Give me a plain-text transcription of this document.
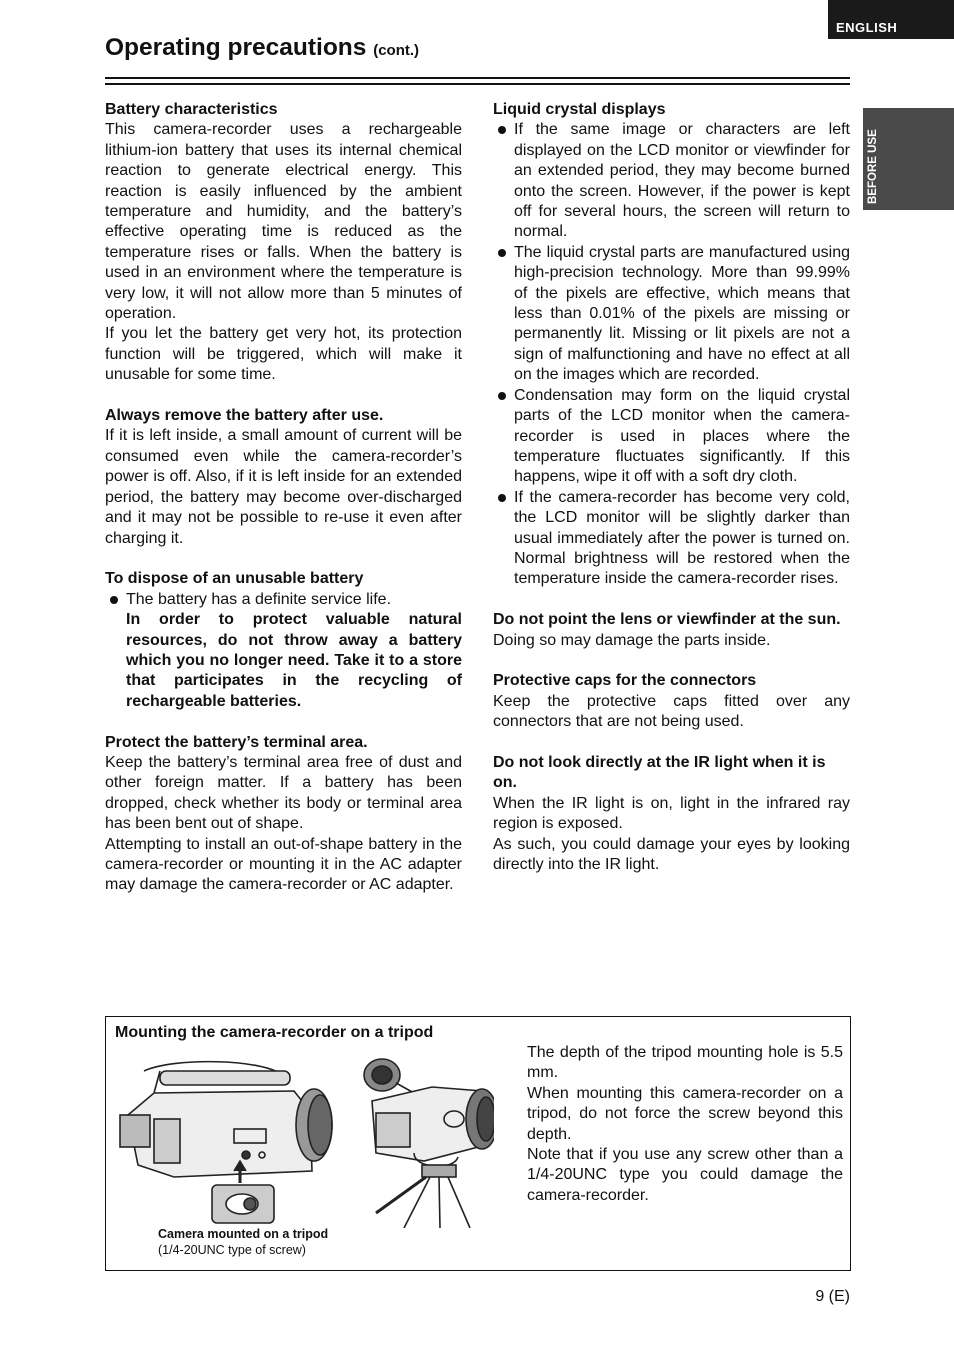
ENGLISH
BEFORE USE
Operating precautions (cont.)
Battery characteristics

This camera-recorder uses a rechargeable lithium-ion battery that uses its internal chemical reaction to generate electrical energy. This reaction is easily influenced by the ambient temperature and humidity, and the battery’s effective operating time is reduced as the temperature rises or falls. When the battery is used in an environment where the temperature is very low, it will not allow more than 5 minutes of operation.

If you let the battery get very hot, its protection function will be triggered, which will make it unusable for some time.

Always remove the battery after use.

If it is left inside, a small amount of current will be consumed even while the camera-recorder’s power is off. Also, if it is left inside for an extended period, the battery may become over-discharged and it may not be possible to re-use it even after charging it.

To dispose of an unusable battery
The battery has a definite service life.

In order to protect valuable natural resources, do not throw away a battery which you no longer need. Take it to a store that participates in the recycling of rechargeable batteries.

Protect the battery’s terminal area.

Keep the battery’s terminal area free of dust and other foreign matter. If a battery has been dropped, check whether its body or terminal area has been bent out of shape.

Attempting to install an out-of-shape battery in the camera-recorder or mounting it in the AC adapter may damage the camera-recorder or AC adapter.

Liquid crystal displays
If the same image or characters are left displayed on the LCD monitor or viewfinder for an extended period, they may become burned onto the screen. However, if the power is kept off for several hours, the screen will return to normal.
The liquid crystal parts are manufactured using high-precision technology. More than 99.99% of the pixels are effective, which means that less than 0.01% of the pixels are missing or permanently lit. Missing or lit pixels are not a sign of malfunctioning and have no effect at all on the images which are recorded.
Condensation may form on the liquid crystal parts of the LCD monitor when the camera-recorder is used in places where the temperature fluctuates significantly. If this happens, wipe it off with a soft dry cloth.
If the camera-recorder has become very cold, the LCD monitor will be slightly darker than usual immediately after the power is turned on. Normal brightness will be restored when the temperature inside the camera-recorder rises.
Do not point the lens or viewfinder at the sun.

Doing so may damage the parts inside.

Protective caps for the connectors

Keep the protective caps fitted over any connectors that are not being used.

Do not look directly at the IR light when it is on.

When the IR light is on, light in the infrared ray region is exposed.

As such, you could damage your eyes by looking directly into the IR light.

Mounting the camera-recorder on a tripod
Camera mounted on a tripod
(1/4-20UNC type of screw)

The depth of the tripod mounting hole is 5.5 mm.

When mounting this camera-recorder on a tripod, do not force the screw beyond this depth.

Note that if you use any screw other than a 1/4-20UNC type you could damage the camera-recorder.

9 (E)
